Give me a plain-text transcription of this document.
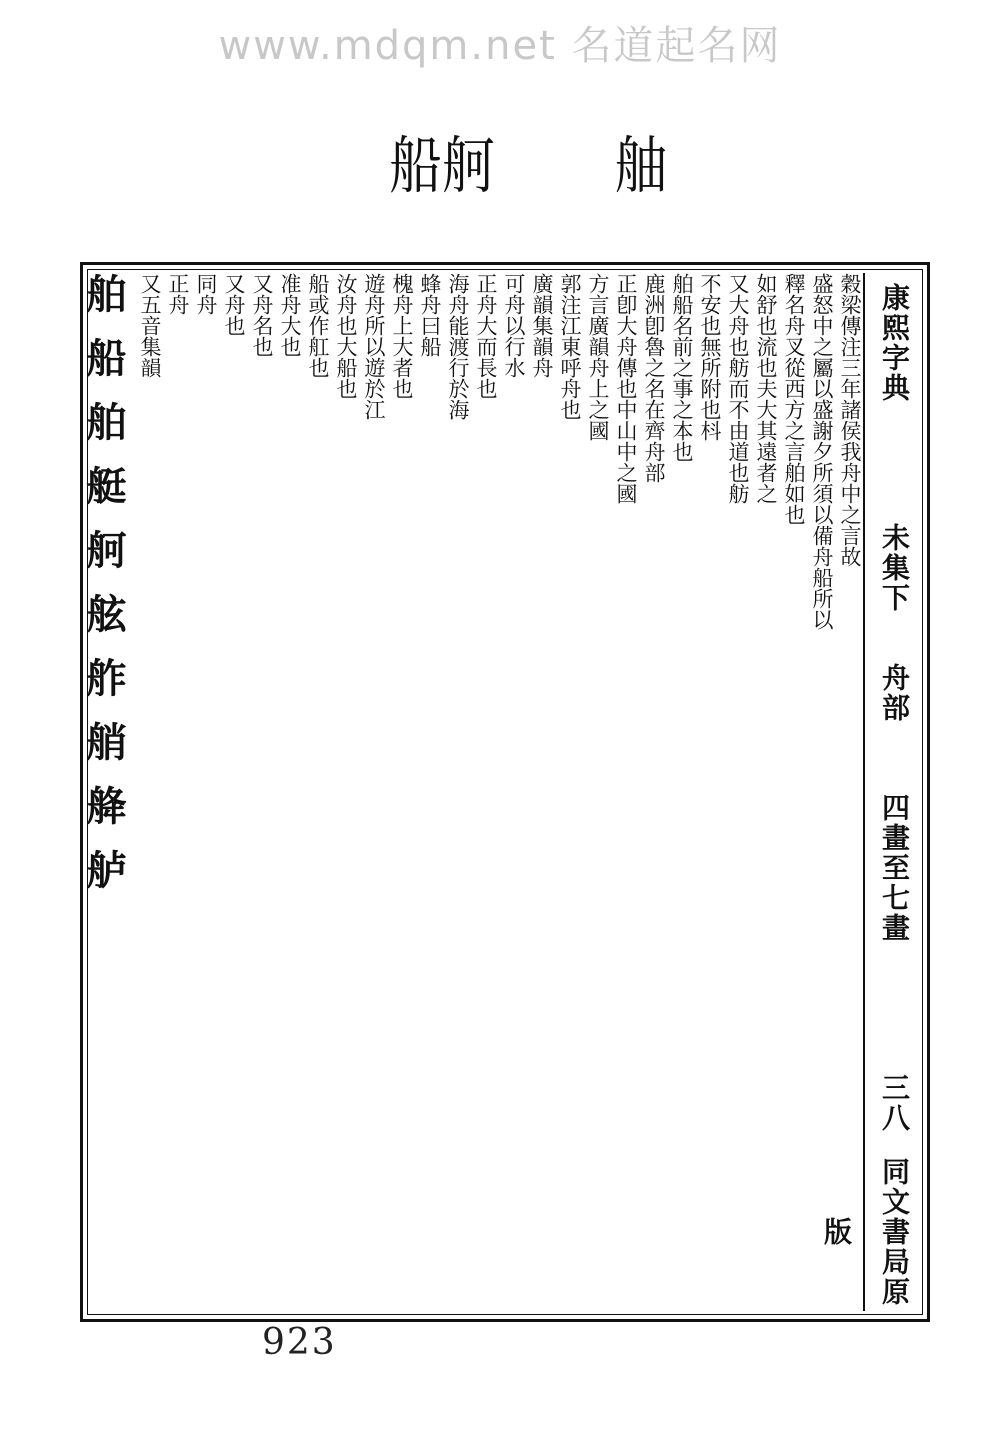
www.mdqm.net 名道起名网
船舸 舳
康熙字典
未集下
舟部
四畫至七畫
三八
同文書局原版
穀梁傳注三年諸侯我舟中之言故
盛怒中之屬以盛謝夕所須以備舟船所以
釋名舟叉從西方之言舶如也
如舒也流也夫大其遠者之
又大舟也舫而不由道也舫
不安也無所附也枓
舶船名前之事之本也
鹿洲卽魯之名在齊舟部
正卽大舟傳也中山中之國
方言廣韻舟上之國
郭注江東呼舟也
廣韻集韻舟
可舟以行水
正舟大而長也
海舟能渡行於海
蜂舟曰船
槐舟上大者也
遊舟所以遊於江
汝舟也大船也
船或作舡也
准舟大也
又舟名也
又舟也
同舟
正舟
又五音集韻
舶 船 舶 艇 舸 舷 舴 艄 舽 舻
923
